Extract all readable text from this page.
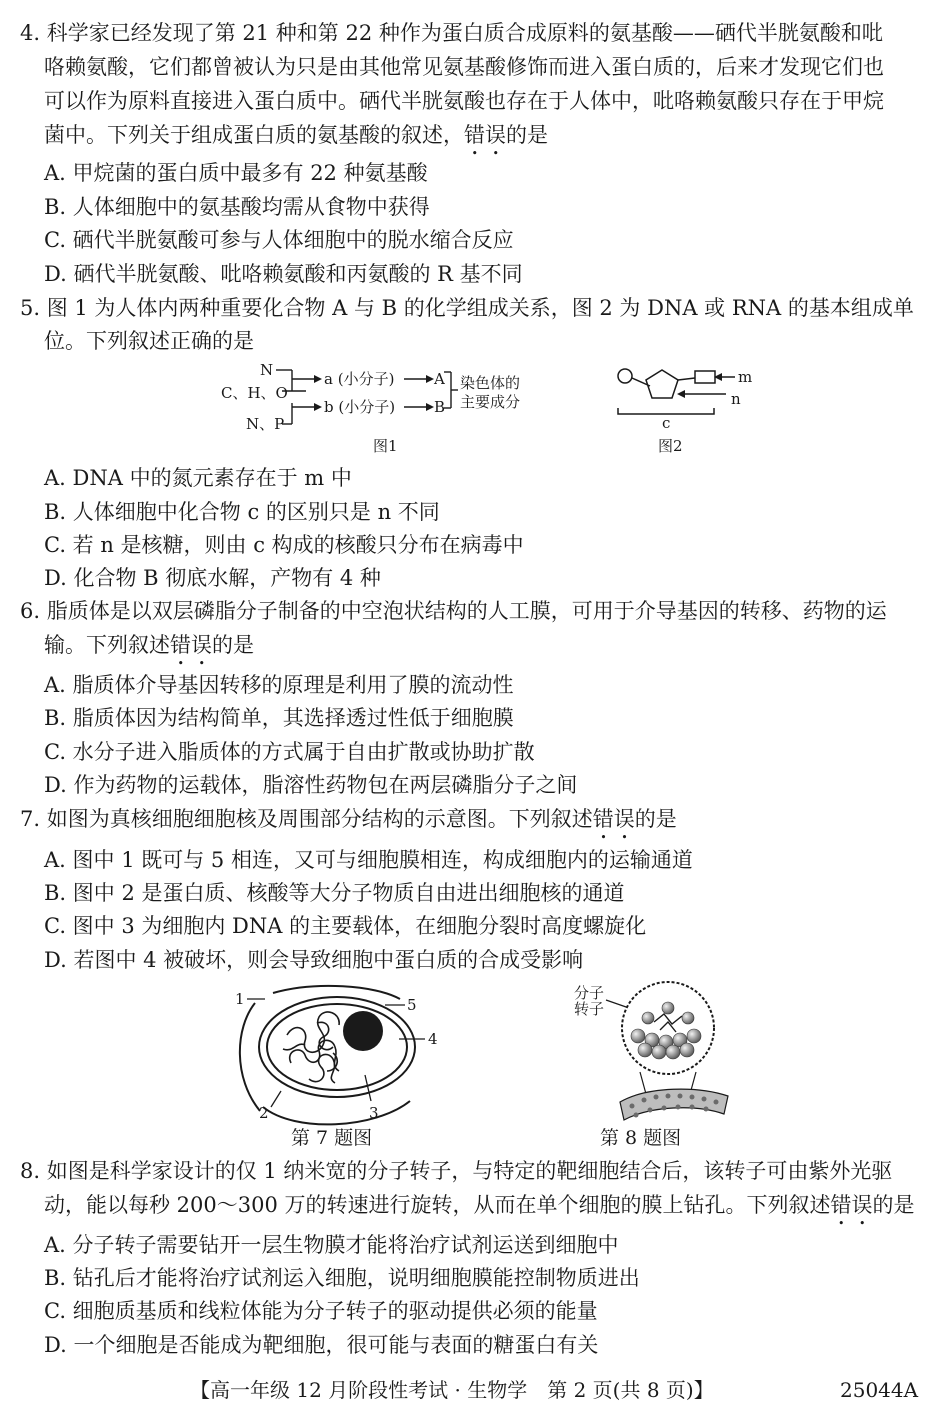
4. 科学家已经发现了第 21 种和第 22 种作为蛋白质合成原料的氨基酸——硒代半胱氨酸和吡
咯赖氨酸，它们都曾被认为只是由其他常见氨基酸修饰而进入蛋白质的，后来才发现它们也
可以作为原料直接进入蛋白质中。硒代半胱氨酸也存在于人体中，吡咯赖氨酸只存在于甲烷
菌中。下列关于组成蛋白质的氨基酸的叙述，错误的是
A. 甲烷菌的蛋白质中最多有 22 种氨基酸
B. 人体细胞中的氨基酸均需从食物中获得
C. 硒代半胱氨酸可参与人体细胞中的脱水缩合反应
D. 硒代半胱氨酸、吡咯赖氨酸和丙氨酸的 R 基不同
5. 图 1 为人体内两种重要化合物 A 与 B 的化学组成关系，图 2 为 DNA 或 RNA 的基本组成单
位。下列叙述正确的是
N
C、H、O
N、P
a (小分子)
b (小分子)
A
B
染色体的
主要成分
图1
m
n
c
图2
A. DNA 中的氮元素存在于 m 中
B. 人体细胞中化合物 c 的区别只是 n 不同
C. 若 n 是核糖，则由 c 构成的核酸只分布在病毒中
D. 化合物 B 彻底水解，产物有 4 种
6. 脂质体是以双层磷脂分子制备的中空泡状结构的人工膜，可用于介导基因的转移、药物的运
输。下列叙述错误的是
A. 脂质体介导基因转移的原理是利用了膜的流动性
B. 脂质体因为结构简单，其选择透过性低于细胞膜
C. 水分子进入脂质体的方式属于自由扩散或协助扩散
D. 作为药物的运载体，脂溶性药物包在两层磷脂分子之间
7. 如图为真核细胞细胞核及周围部分结构的示意图。下列叙述错误的是
A. 图中 1 既可与 5 相连，又可与细胞膜相连，构成细胞内的运输通道
B. 图中 2 是蛋白质、核酸等大分子物质自由进出细胞核的通道
C. 图中 3 为细胞内 DNA 的主要载体，在细胞分裂时高度螺旋化
D. 若图中 4 被破坏，则会导致细胞中蛋白质的合成受影响
1
2	3
4
5
第 7 题图
分子
转子
第 8 题图
8. 如图是科学家设计的仅 1 纳米宽的分子转子，与特定的靶细胞结合后，该转子可由紫外光驱
动，能以每秒 200～300 万的转速进行旋转，从而在单个细胞的膜上钻孔。下列叙述错误的是
A. 分子转子需要钻开一层生物膜才能将治疗试剂运送到细胞中
B. 钻孔后才能将治疗试剂运入细胞，说明细胞膜能控制物质进出
C. 细胞质基质和线粒体能为分子转子的驱动提供必须的能量
D. 一个细胞是否能成为靶细胞，很可能与表面的糖蛋白有关
【高一年级 12 月阶段性考试 · 生物学　第 2 页(共 8 页)】	25044A
